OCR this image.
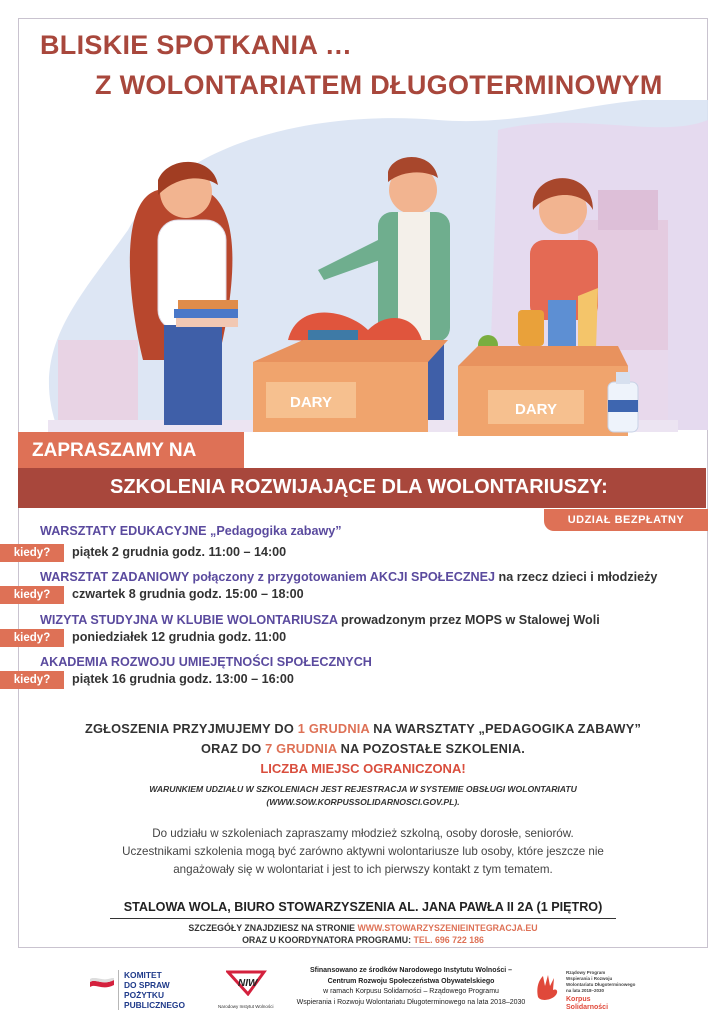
BLISKIE SPOTKANIA …
Z WOLONTARIATEM DŁUGOTERMINOWYM
DARY	DARY
ZAPRASZAMY NA
SZKOLENIA ROZWIJAJĄCE DLA WOLONTARIUSZY:
UDZIAŁ BEZPŁATNY
WARSZTATY EDUKACYJNE „Pedagogika zabawy”
kiedy?	piątek 2 grudnia godz. 11:00 – 14:00
WARSZTAT ZADANIOWY połączony z przygotowaniem AKCJI SPOŁECZNEJ na rzecz dzieci i młodzieży
kiedy?	czwartek 8 grudnia godz. 15:00 – 18:00
WIZYTA STUDYJNA W KLUBIE WOLONTARIUSZA prowadzonym przez MOPS w Stalowej Woli
kiedy?	poniedziałek 12 grudnia godz. 11:00
AKADEMIA ROZWOJU UMIEJĘTNOŚCI SPOŁECZNYCH
kiedy?	piątek 16 grudnia godz. 13:00 – 16:00
ZGŁOSZENIA PRZYJMUJEMY DO 1 GRUDNIA NA WARSZTATY „PEDAGOGIKA ZABAWY”
ORAZ DO 7 GRUDNIA NA POZOSTAŁE SZKOLENIA.
LICZBA MIEJSC OGRANICZONA!
WARUNKIEM UDZIAŁU W SZKOLENIACH JEST REJESTRACJA W SYSTEMIE OBSŁUGI WOLONTARIATU
(WWW.SOW.KORPUSSOLIDARNOSCI.GOV.PL).
Do udziału w szkoleniach zapraszamy młodzież szkolną, osoby dorosłe, seniorów.
Uczestnikami szkolenia mogą być zarówno aktywni wolontariusze lub osoby, które jeszcze nie
angażowały się w wolontariat i jest to ich pierwszy kontakt z tym tematem.
STALOWA WOLA, BIURO STOWARZYSZENIA AL. JANA PAWŁA II 2A (1 PIĘTRO)
SZCZEGÓŁY ZNAJDZIESZ NA STRONIE WWW.STOWARZYSZENIEINTEGRACJA.EU
ORAZ U KOORDYNATORA PROGRAMU: TEL. 696 722 186
KOMITET
DO SPRAW
POŻYTKU
PUBLICZNEGO
NIW
Narodowy Instytut Wolności
Sfinansowano ze środków Narodowego Instytutu Wolności –
Centrum Rozwoju Społeczeństwa Obywatelskiego
w ramach Korpusu Solidarności – Rządowego Programu
Wspierania i Rozwoju Wolontariatu Długoterminowego na lata 2018–2030
Rządowy Program
Wspierania i Rozwoju
Wolontariatu Długoterminowego
na lata 2018–2030
Korpus
Solidarności
